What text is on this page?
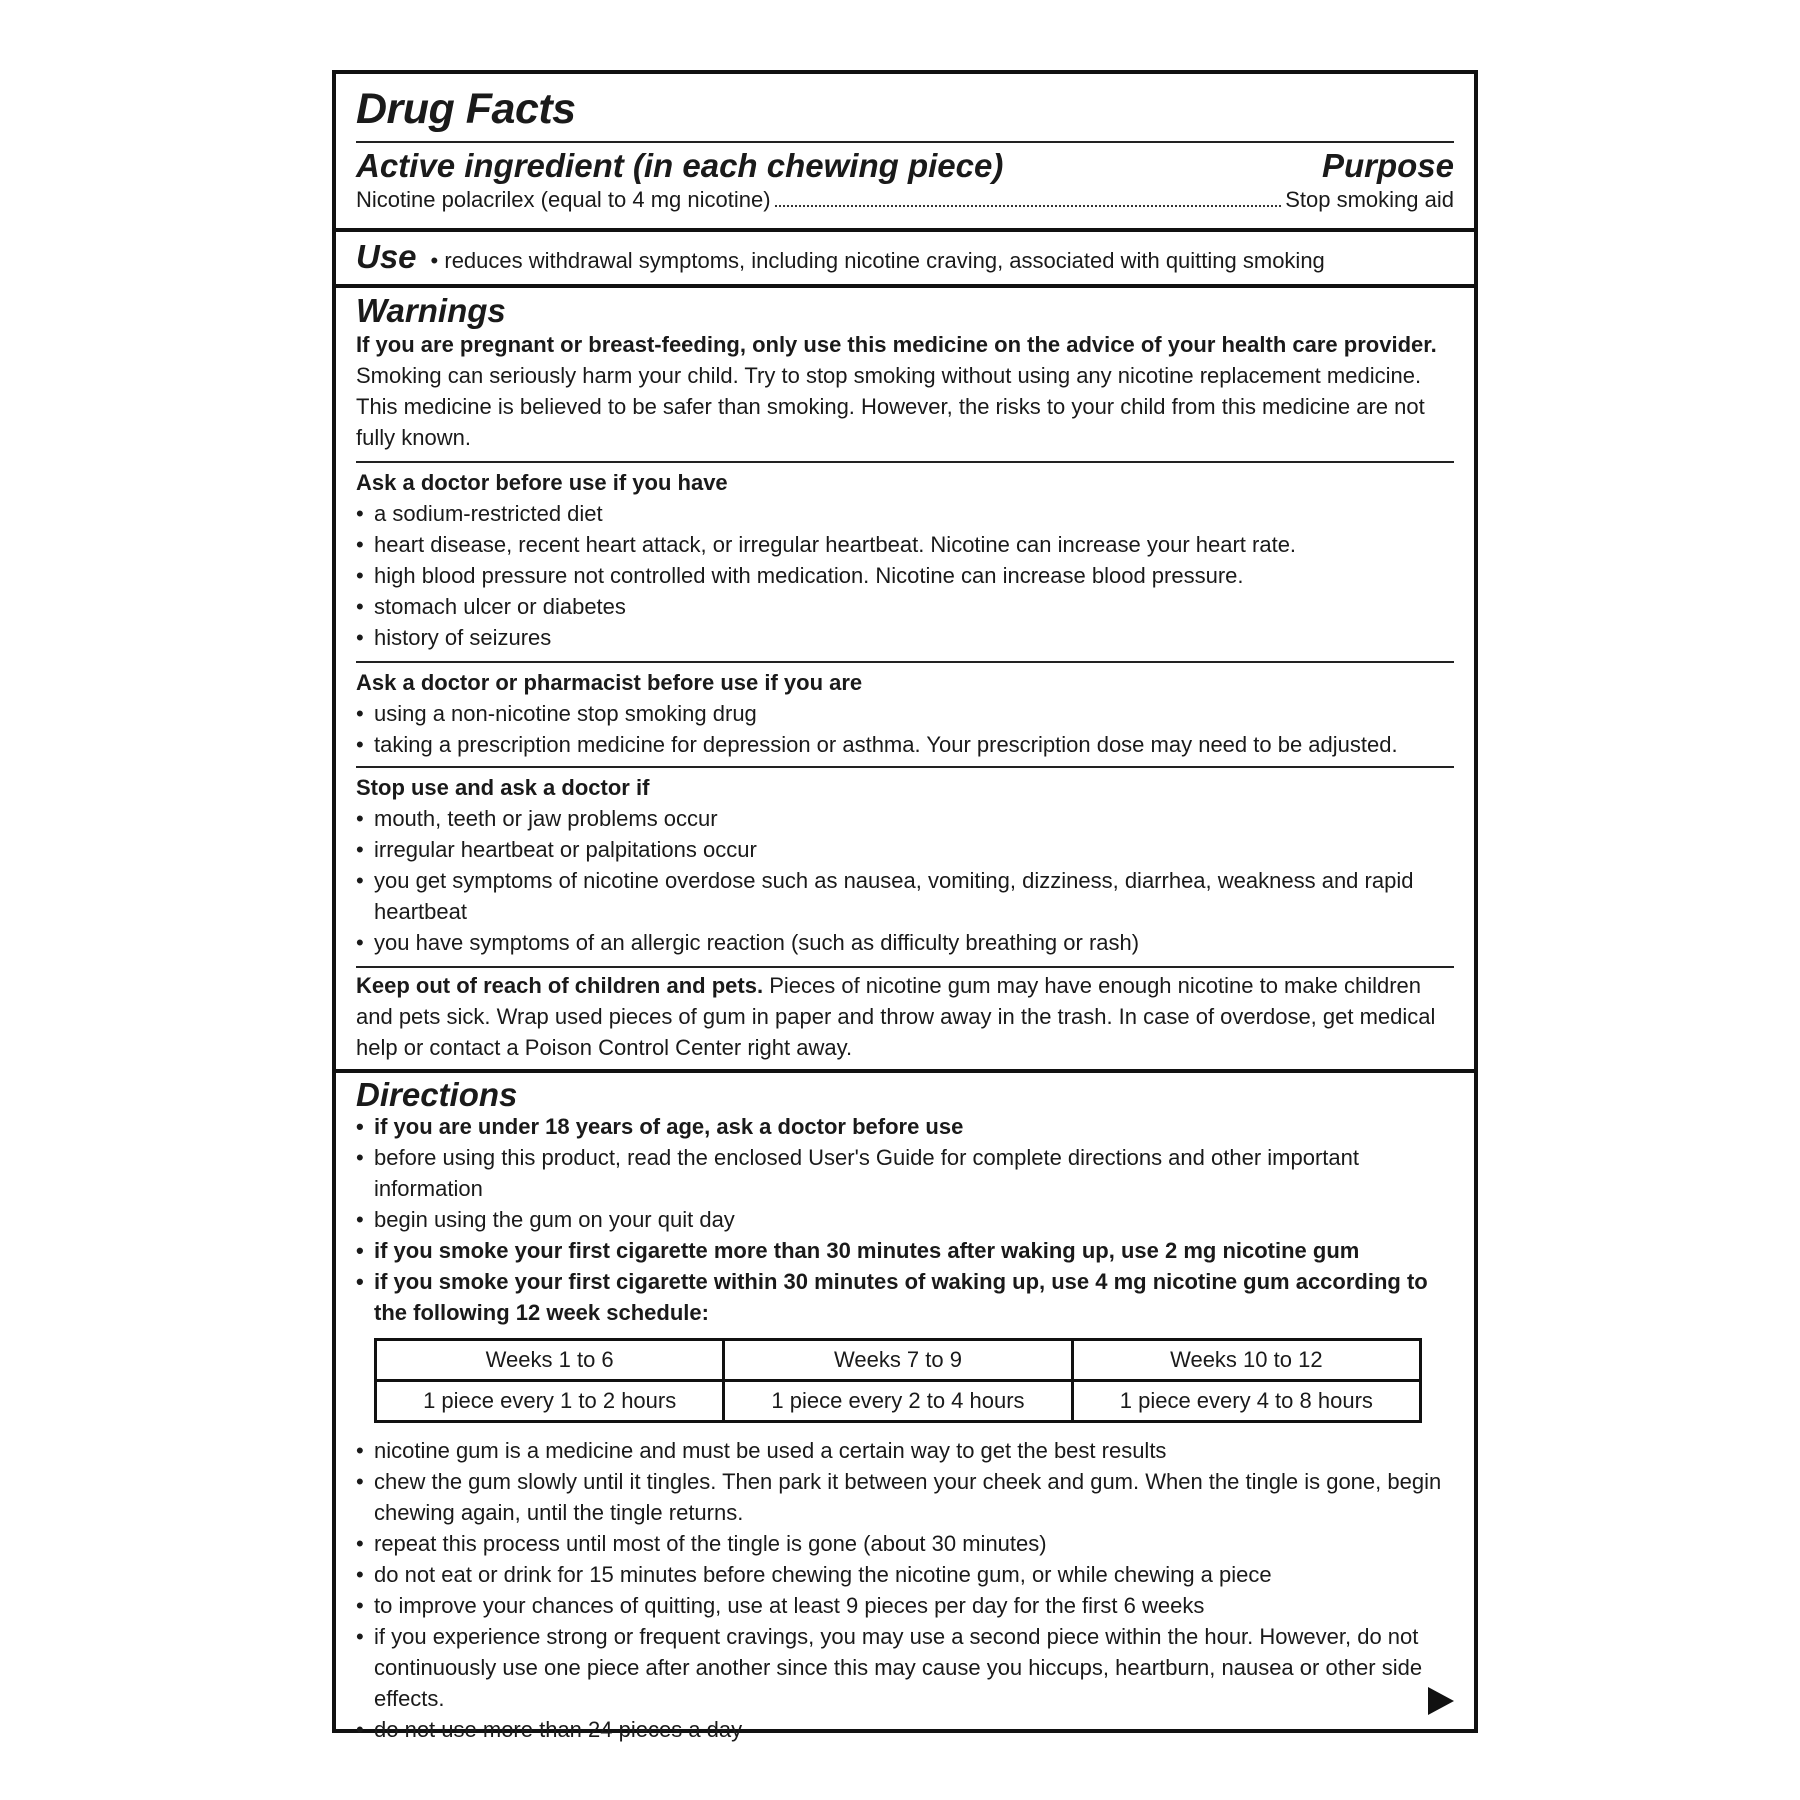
Drug Facts
Active ingredient (in each chewing piece)	Purpose
Nicotine polacrilex (equal to 4 mg nicotine)	Stop smoking aid
Use • reduces withdrawal symptoms, including nicotine craving, associated with quitting smoking
Warnings
If you are pregnant or breast-feeding, only use this medicine on the advice of your health care provider. Smoking can seriously harm your child. Try to stop smoking without using any nicotine replacement medicine. This medicine is believed to be safer than smoking. However, the risks to your child from this medicine are not fully known.
Ask a doctor before use if you have
• a sodium-restricted diet
• heart disease, recent heart attack, or irregular heartbeat. Nicotine can increase your heart rate.
• high blood pressure not controlled with medication. Nicotine can increase blood pressure.
• stomach ulcer or diabetes
• history of seizures
Ask a doctor or pharmacist before use if you are
• using a non-nicotine stop smoking drug
• taking a prescription medicine for depression or asthma. Your prescription dose may need to be adjusted.
Stop use and ask a doctor if
• mouth, teeth or jaw problems occur
• irregular heartbeat or palpitations occur
• you get symptoms of nicotine overdose such as nausea, vomiting, dizziness, diarrhea, weakness and rapid heartbeat
• you have symptoms of an allergic reaction (such as difficulty breathing or rash)
Keep out of reach of children and pets. Pieces of nicotine gum may have enough nicotine to make children and pets sick. Wrap used pieces of gum in paper and throw away in the trash. In case of overdose, get medical help or contact a Poison Control Center right away.
Directions
• if you are under 18 years of age, ask a doctor before use
• before using this product, read the enclosed User's Guide for complete directions and other important information
• begin using the gum on your quit day
• if you smoke your first cigarette more than 30 minutes after waking up, use 2 mg nicotine gum
• if you smoke your first cigarette within 30 minutes of waking up, use 4 mg nicotine gum according to the following 12 week schedule:
Weeks 1 to 6	Weeks 7 to 9	Weeks 10 to 12
1 piece every 1 to 2 hours	1 piece every 2 to 4 hours	1 piece every 4 to 8 hours
• nicotine gum is a medicine and must be used a certain way to get the best results
• chew the gum slowly until it tingles. Then park it between your cheek and gum. When the tingle is gone, begin chewing again, until the tingle returns.
• repeat this process until most of the tingle is gone (about 30 minutes)
• do not eat or drink for 15 minutes before chewing the nicotine gum, or while chewing a piece
• to improve your chances of quitting, use at least 9 pieces per day for the first 6 weeks
• if you experience strong or frequent cravings, you may use a second piece within the hour. However, do not continuously use one piece after another since this may cause you hiccups, heartburn, nausea or other side effects.
• do not use more than 24 pieces a day
